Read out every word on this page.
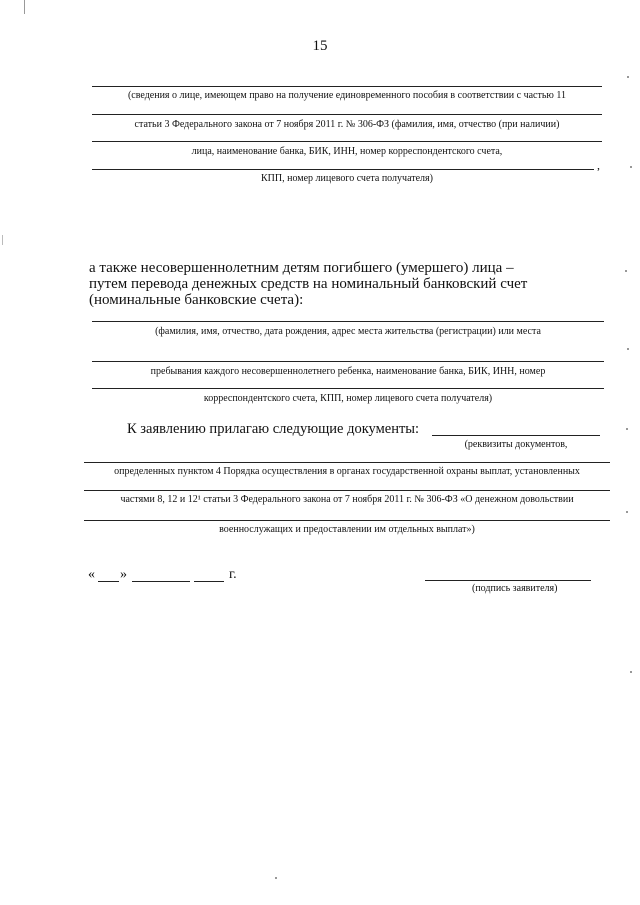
15
(сведения о лице, имеющем право на получение единовременного пособия в соответствии с частью 11
статьи 3 Федерального закона от 7 ноября 2011 г. № 306-ФЗ (фамилия, имя, отчество (при наличии)
лица, наименование банка, БИК, ИНН, номер корреспондентского счета,
,
КПП, номер лицевого счета получателя)
а также несовершеннолетним детям погибшего (умершего) лица –
путем перевода денежных средств на номинальный банковский счет
(номинальные банковские счета):
(фамилия, имя, отчество, дата рождения, адрес места жительства (регистрации) или места
пребывания каждого несовершеннолетнего ребенка, наименование банка, БИК, ИНН, номер
корреспондентского счета, КПП, номер лицевого счета получателя)
К заявлению прилагаю следующие документы:
(реквизиты документов,
определенных пунктом 4 Порядка осуществления в органах государственной охраны выплат, установленных
частями 8, 12 и 12¹ статьи 3 Федерального закона от 7 ноября 2011 г. № 306-ФЗ «О денежном довольствии
военнослужащих и предоставлении им отдельных выплат»)
« »	г.
(подпись заявителя)
